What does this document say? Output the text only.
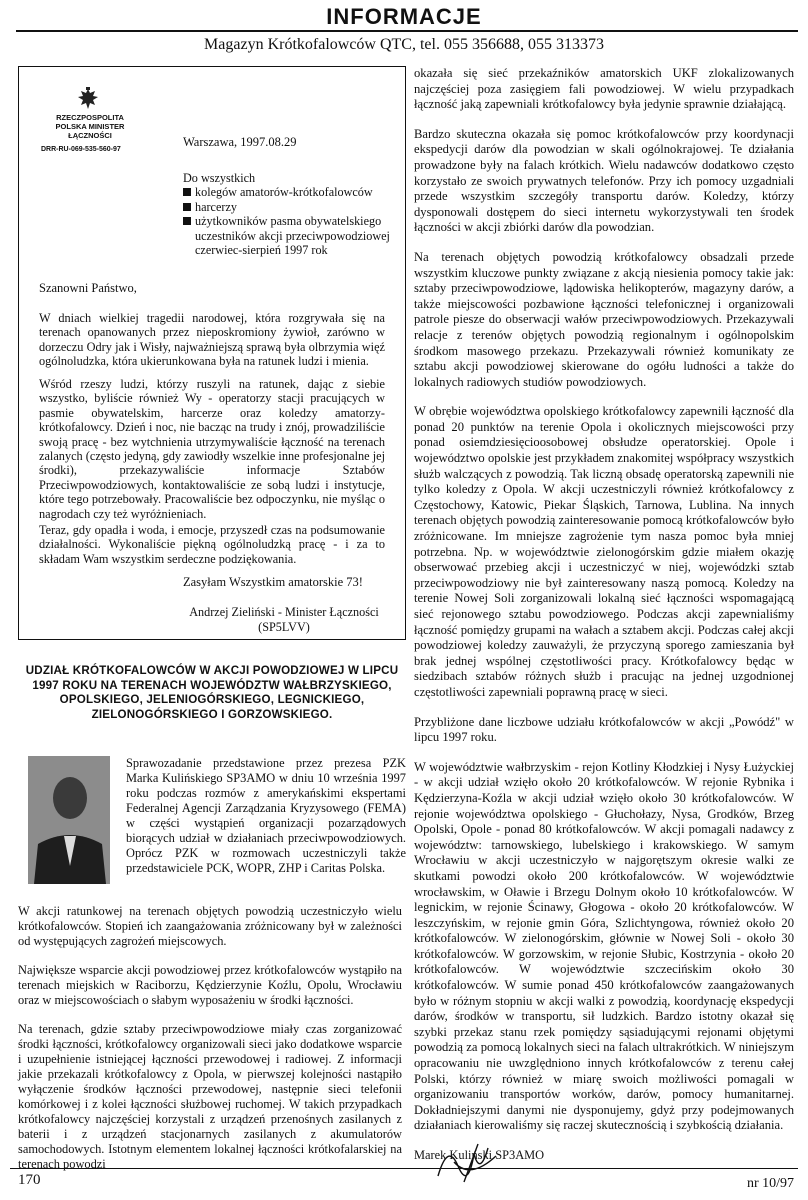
INFORMACJE
Magazyn Krótkofalowców QTC, tel. 055 356688, 055 313373
RZECZPOSPOLITA POLSKA MINISTER ŁĄCZNOŚCI
DRR-RU-069-535-560-97
Warszawa, 1997.08.29
Do wszystkich
kolegów amatorów-krótkofalowców
harcerzy
użytkowników pasma obywatelskiego uczestników akcji przeciwpowodziowej czerwiec-sierpień 1997 rok
Szanowni Państwo,
W dniach wielkiej tragedii narodowej, która rozgrywała się na terenach opanowanych przez nieposkromiony żywioł, zarówno w dorzeczu Odry jak i Wisły, najważniejszą sprawą była olbrzymia więź ogólnoludzka, która ukierunkowana była na ratunek ludzi i mienia.
Wśród rzeszy ludzi, którzy ruszyli na ratunek, dając z siebie wszystko, byliście również Wy - operatorzy stacji pracujących w pasmie obywatelskim, harcerze oraz koledzy amatorzy-krótkofalowcy. Dzień i noc, nie bacząc na trudy i znój, prowadziliście swoją pracę - bez wytchnienia utrzymywaliście łączność na terenach zalanych (często jedyną, gdy zawiodły wszelkie inne profesjonalne jej środki), przekazywaliście informacje Sztabów Przeciwpowodziowych, kontaktowaliście ze sobą ludzi i instytucje, które tego potrzebowały. Pracowaliście bez odpoczynku, nie myśląc o nagrodach czy też wyróżnieniach.
Teraz, gdy opadła i woda, i emocje, przyszedł czas na podsumowanie działalności. Wykonaliście piękną ogólnoludzką pracę - i za to składam Wam wszystkim serdeczne podziękowania.
Zasyłam Wszystkim amatorskie 73!
Andrzej Zieliński - Minister Łączności
(SP5LVV)
UDZIAŁ KRÓTKOFALOWCÓW W AKCJI POWODZIOWEJ W LIPCU 1997 ROKU NA TERENACH WOJEWÓDZTW WAŁBRZYSKIEGO, OPOLSKIEGO, JELENIOGÓRSKIEGO, LEGNICKIEGO, ZIELONOGÓRSKIEGO I GORZOWSKIEGO.
Sprawozadanie przedstawione przez prezesa PZK Marka Kulińskiego SP3AMO w dniu 10 września 1997 roku podczas rozmów z amerykańskimi ekspertami Federalnej Agencji Zarządzania Kryzysowego (FEMA) w części wystąpień organizacji pozarządowych biorących udział w działaniach przeciwpowodziowych. Oprócz PZK w rozmowach uczestniczyli także przedstawiciele PCK, WOPR, ZHP i Caritas Polska.

W akcji ratunkowej na terenach objętych powodzią uczestniczyło wielu krótkofalowców. Stopień ich zaangażowania zróżnicowany był w zależności od występujących zagrożeń miejscowych.

Największe wsparcie akcji powodziowej przez krótkofalowców wystąpiło na terenach miejskich w Raciborzu, Kędzierzynie Koźlu, Opolu, Wrocławiu oraz w miejscowościach o słabym wyposażeniu w środki łączności.

Na terenach, gdzie sztaby przeciwpowodziowe miały czas zorganizować środki łączności, krótkofalowcy organizowali sieci jako dodatkowe wsparcie i uzupełnienie istniejącej łączności przewodowej i radiowej. Z informacji jakie przekazali krótkofalowcy z Opola, w pierwszej kolejności nastąpiło wyłączenie środków łączności przewodowej, następnie sieci telefonii komórkowej i z kolei łączności służbowej ruchomej. W takich przypadkach krótkofalowcy najczęściej korzystali z urządzeń przenośnych zasilanych z baterii i z urządzeń stacjonarnych zasilanych z akumulatorów samochodowych. Istotnym elementem lokalnej łączności krótkofalarskiej na terenach powodzi

okazała się sieć przekaźników amatorskich UKF zlokalizowanych najczęściej poza zasięgiem fali powodziowej. W wielu przypadkach łączność jaką zapewniali krótkofalowcy była jedynie sprawnie działającą.

Bardzo skuteczna okazała się pomoc krótkofalowców przy koordynacji ekspedycji darów dla powodzian w skali ogólnokrajowej. Te działania prowadzone były na falach krótkich. Wielu nadawców dodatkowo często korzystało ze swoich prywatnych telefonów. Przy ich pomocy uzgadniali przede wszystkim szczegóły transportu darów. Koledzy, którzy dysponowali dostępem do sieci internetu wykorzystywali ten środek łączności w akcji zbiórki darów dla powodzian.

Na terenach objętych powodzią krótkofalowcy obsadzali przede wszystkim kluczowe punkty związane z akcją niesienia pomocy takie jak: sztaby przeciwpowodziowe, lądowiska helikopterów, magazyny darów, a także miejscowości pozbawione łączności telefonicznej i organizowali patrole piesze do obserwacji wałów przeciwpowodziowych. Przekazywali relacje z terenów objętych powodzią regionalnym i ogólnopolskim środkom masowego przekazu. Przekazywali również komunikaty ze sztabu akcji powodziowej skierowane do ogółu ludności a także do lokalnych radiowych studiów powodziowych.

W obrębie województwa opolskiego krótkofalowcy zapewnili łączność dla ponad 20 punktów na terenie Opola i okolicznych miejscowości przy ponad osiemdziesięcioosobowej obsłudze operatorskiej. Opole i województwo opolskie jest przykładem znakomitej współpracy wszystkich służb walczących z powodzią. Tak liczną obsadę operatorską zapewnili nie tylko koledzy z Opola. W akcji uczestniczyli również krótkofalowcy z Częstochowy, Katowic, Piekar Śląskich, Tarnowa, Lublina. Na innych terenach objętych powodzią zainteresowanie pomocą krótkofalowców było zróżnicowane. Im mniejsze zagrożenie tym nasza pomoc była mniej potrzebna. Np. w województwie zielonogórskim gdzie miałem okazję obserwować przebieg akcji i uczestniczyć w niej, wojewódzki sztab przeciwpowodziowy nie był zainteresowany naszą pomocą. Koledzy na terenie Nowej Soli zorganizowali lokalną sieć łączności wspomagającą sieć rejonowego sztabu powodziowego. Podczas akcji zapewnialiśmy łączność pomiędzy grupami na wałach a sztabem akcji. Podczas całej akcji powodziowej koledzy zauważyli, że przyczyną sporego zamieszania był brak jednej wspólnej częstotliwości pracy. Krótkofalowcy będąc w siedzibach sztabów różnych służb i pracując na jednej uzgodnionej częstotliwości zapewniali poprawną pracę w sieci.

Przybliżone dane liczbowe udziału krótkofalowców w akcji „Powódź" w lipcu 1997 roku.

W województwie wałbrzyskim - rejon Kotliny Kłodzkiej i Nysy Łużyckiej - w akcji udział wzięło około 20 krótkofalowców. W rejonie Rybnika i Kędzierzyna-Koźla w akcji udział wzięło około 30 krótkofalowców. W rejonie województwa opolskiego - Głuchołazy, Nysa, Grodków, Brzeg Opolski, Opole - ponad 80 krótkofalowców. W akcji pomagali nadawcy z województw: tarnowskiego, lubelskiego i krakowskiego. W samym Wrocławiu w akcji uczestniczyło w najgorętszym okresie walki ze skutkami powodzi około 200 krótkofalowców. W województwie wrocławskim, w Oławie i Brzegu Dolnym około 10 krótkofalowców. W legnickim, w rejonie Ścinawy, Głogowa - około 20 krótkofalowców. W leszczyńskim, w rejonie gmin Góra, Szlichtyngowa, również około 20 krótkofalowców. W zielonogórskim, głównie w Nowej Soli - około 30 krótkofalowców. W gorzowskim, w rejonie Słubic, Kostrzynia - około 20 krótkofalowców. W województwie szczecińskim około 30 krótkofalowców. W sumie ponad 450 krótkofalowców zaangażowanych było w różnym stopniu w akcji walki z powodzią, koordynację ekspedycji darów, środków w transportu, sił ludzkich. Bardzo istotny okazał się szybki przekaz stanu rzek pomiędzy sąsiadującymi rejonami objętymi powodzią za pomocą lokalnych sieci na falach ultrakrótkich. W niniejszym opracowaniu nie uwzględniono innych krótkofalowców z terenu całej Polski, którzy również w miarę swoich możliwości pomagali w organizowaniu transportów worków, darów, pomocy humanitarnej. Dokładniejszymi danymi nie dysponujemy, gdyż przy podejmowanych działaniach kierowaliśmy się raczej skutecznością i szybkością działania.

Marek Kuliński SP3AMO
170	nr 10/97
